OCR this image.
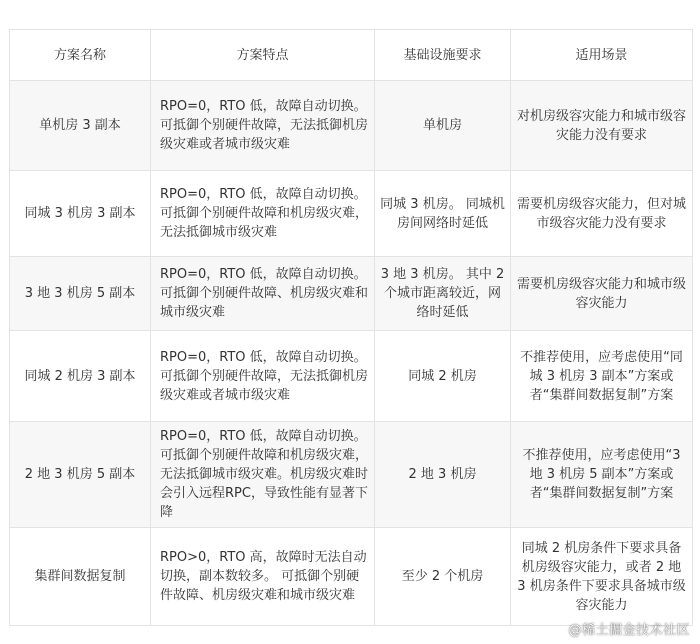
方案名称	方案特点	基础设施要求	适用场景
单机房 3 副本	RPO=0，RTO 低，故障自动切换。 可抵御个别硬件故障，无法抵御机房级灾难或者城市级灾难	单机房	对机房级容灾能力和城市级容灾能力没有要求
同城 3 机房 3 副本	RPO=0，RTO 低，故障自动切换。 可抵御个别硬件故障和机房级灾难，无法抵御城市级灾难	同城 3 机房。 同城机房间网络时延低	需要机房级容灾能力，但对城市级容灾能力没有要求
3 地 3 机房 5 副本	RPO=0，RTO 低，故障自动切换。 可抵御个别硬件故障、机房级灾难和城市级灾难	3 地 3 机房。 其中 2 个城市距离较近，网络时延低	需要机房级容灾能力和城市级容灾能力
同城 2 机房 3 副本	RPO=0，RTO 低，故障自动切换。 可抵御个别硬件故障，无法抵御机房级灾难或者城市级灾难	同城 2 机房	不推荐使用，应考虑使用“同城 3 机房 3 副本”方案或者“集群间数据复制”方案
2 地 3 机房 5 副本	RPO=0，RTO 低，故障自动切换。 可抵御个别硬件故障和机房级灾难，无法抵御城市级灾难。机房级灾难时会引入远程RPC，导致性能有显著下降	2 地 3 机房	不推荐使用，应考虑使用“3 地 3 机房 5 副本”方案或者“集群间数据复制”方案
集群间数据复制	RPO>0，RTO 高，故障时无法自动切换，副本数较多。 可抵御个别硬件故障、机房级灾难和城市级灾难	至少 2 个机房	同城 2 机房条件下要求具备机房级容灾能力，或者 2 地 3 机房条件下要求具备城市级容灾能力
@稀土掘金技术社区
